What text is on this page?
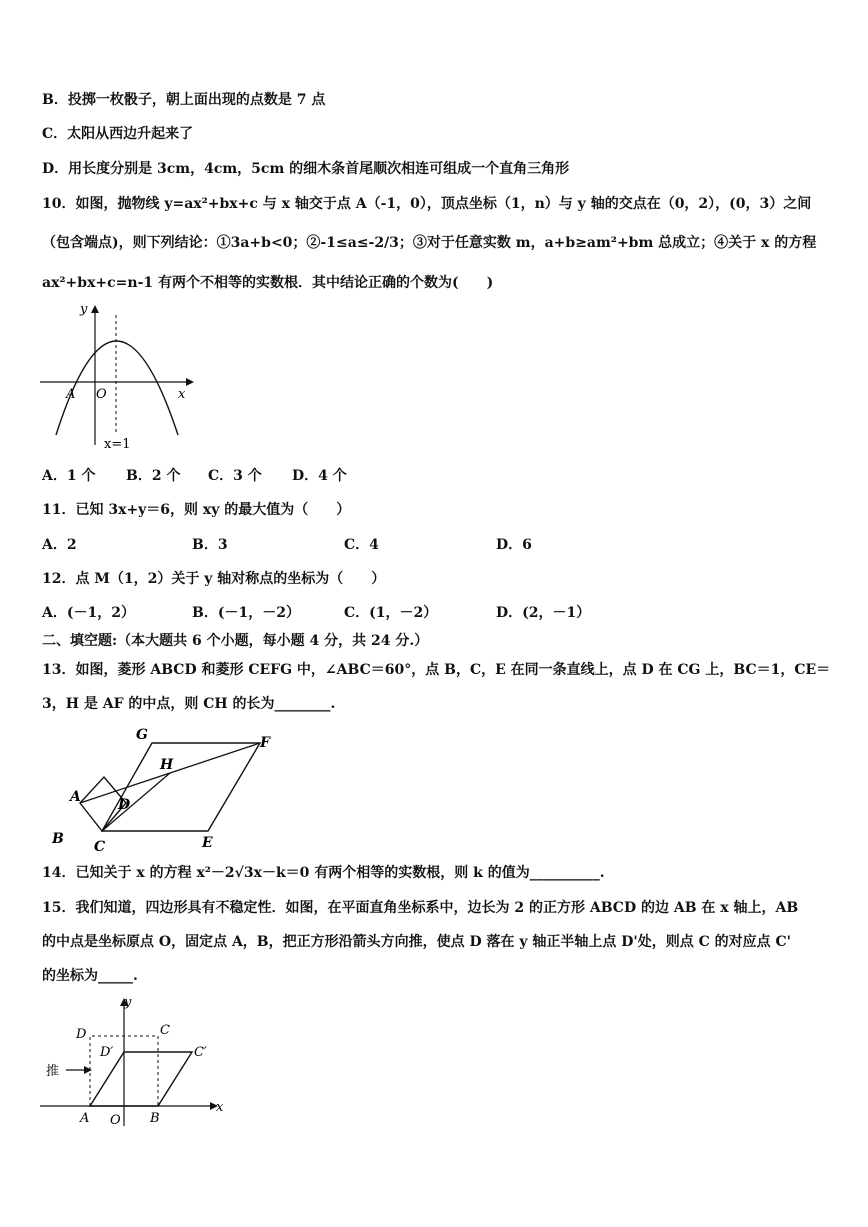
B．投掷一枚骰子，朝上面出现的点数是 7 点
C．太阳从西边升起来了
D．用长度分别是 3cm，4cm，5cm 的细木条首尾顺次相连可组成一个直角三角形
10．如图，抛物线 y=ax²+bx+c 与 x 轴交于点 A（-1，0），顶点坐标（1，n）与 y 轴的交点在（0，2），(0，3）之间
（包含端点)，则下列结论：①3a+b<0；②-1≤a≤-2/3；③对于任意实数 m，a+b≥am²+bm 总成立；④关于 x 的方程
ax²+bx+c=n-1 有两个不相等的实数根．其中结论正确的个数为(　　)
y
x
A O
x=1
A．1 个 B．2 个 C．3 个 D．4 个
11．已知 3x+y＝6，则 xy 的最大值为（　　）
A．2	B．3	C．4	D．6
12．点 M（1，2）关于 y 轴对称点的坐标为（　　）
A．(－1，2）	B．(－1，－2）	C．(1，－2）	D．(2，－1）
二、填空题:（本大题共 6 个小题，每小题 4 分，共 24 分.）
13．如图，菱形 ABCD 和菱形 CEFG 中，∠ABC＝60°，点 B，C，E 在同一条直线上，点 D 在 CG 上，BC＝1，CE＝
3，H 是 AF 的中点，则 CH 的长为________.
G	F
H
A	D
B C	E
14．已知关于 x 的方程 x²－2√3x－k＝0 有两个相等的实数根，则 k 的值为__________.
15．我们知道，四边形具有不稳定性．如图，在平面直角坐标系中，边长为 2 的正方形 ABCD 的边 AB 在 x 轴上，AB
的中点是坐标原点 O，固定点 A，B，把正方形沿箭头方向推，使点 D 落在 y 轴正半轴上点 D'处，则点 C 的对应点 C'
的坐标为_____.
y
x
D	C
D′	C′
推
A O B
